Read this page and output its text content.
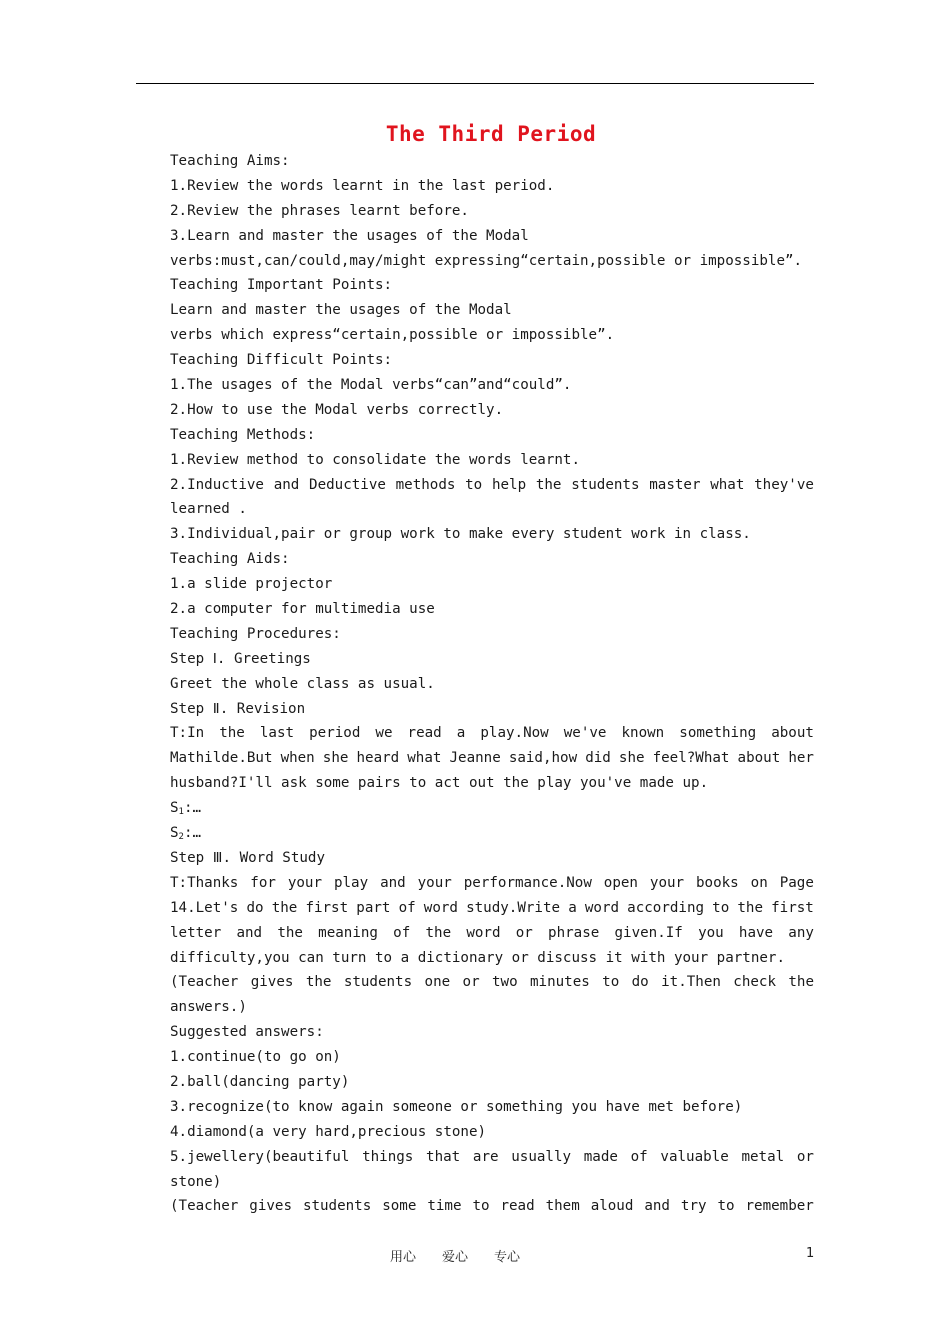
The Third Period
Teaching Aims:
1.Review the words learnt in the last period.
2.Review the phrases learnt before.
3.Learn and master the usages of the Modal
verbs:must,can/could,may/might expressing“certain,possible or impossible”.
Teaching Important Points:
Learn and master the usages of the Modal
verbs which express“certain,possible or impossible”.
Teaching Difficult Points:
1.The usages of the Modal verbs“can”and“could”.
2.How to use the Modal verbs correctly.
Teaching Methods:
1.Review method to consolidate the words learnt.
2.Inductive and Deductive methods to help the students master what they've
learned .
3.Individual,pair or group work to make every student work in class.
Teaching Aids:
1.a slide projector
2.a computer for multimedia use
Teaching Procedures:
Step Ⅰ. Greetings
Greet the whole class as usual.
Step Ⅱ. Revision
T:In the last period we read a play.Now we've known something about
Mathilde.But when she heard what Jeanne said,how did she feel?What about her
husband?I'll ask some pairs to act out the play you've made up.
$S_1:\dots$
$S_2:\dots$
Step Ⅲ. Word Study
T:Thanks for your play and your performance.Now open your books on Page
14.Let's do the first part of word study.Write a word according to the first
letter and the meaning of the word or phrase given.If you have any
difficulty,you can turn to a dictionary or discuss it with your partner.
(Teacher gives the students one or two minutes to do it.Then check the
answers.)
Suggested answers:
1.continue(to go on)
2.ball(dancing party)
3.recognize(to know again someone or something you have met before)
4.diamond(a very hard,precious stone)
5.jewellery(beautiful things that are usually made of valuable metal or
stone)
(Teacher gives students some time to read them aloud and try to remember
用心 爱心 专心	1
